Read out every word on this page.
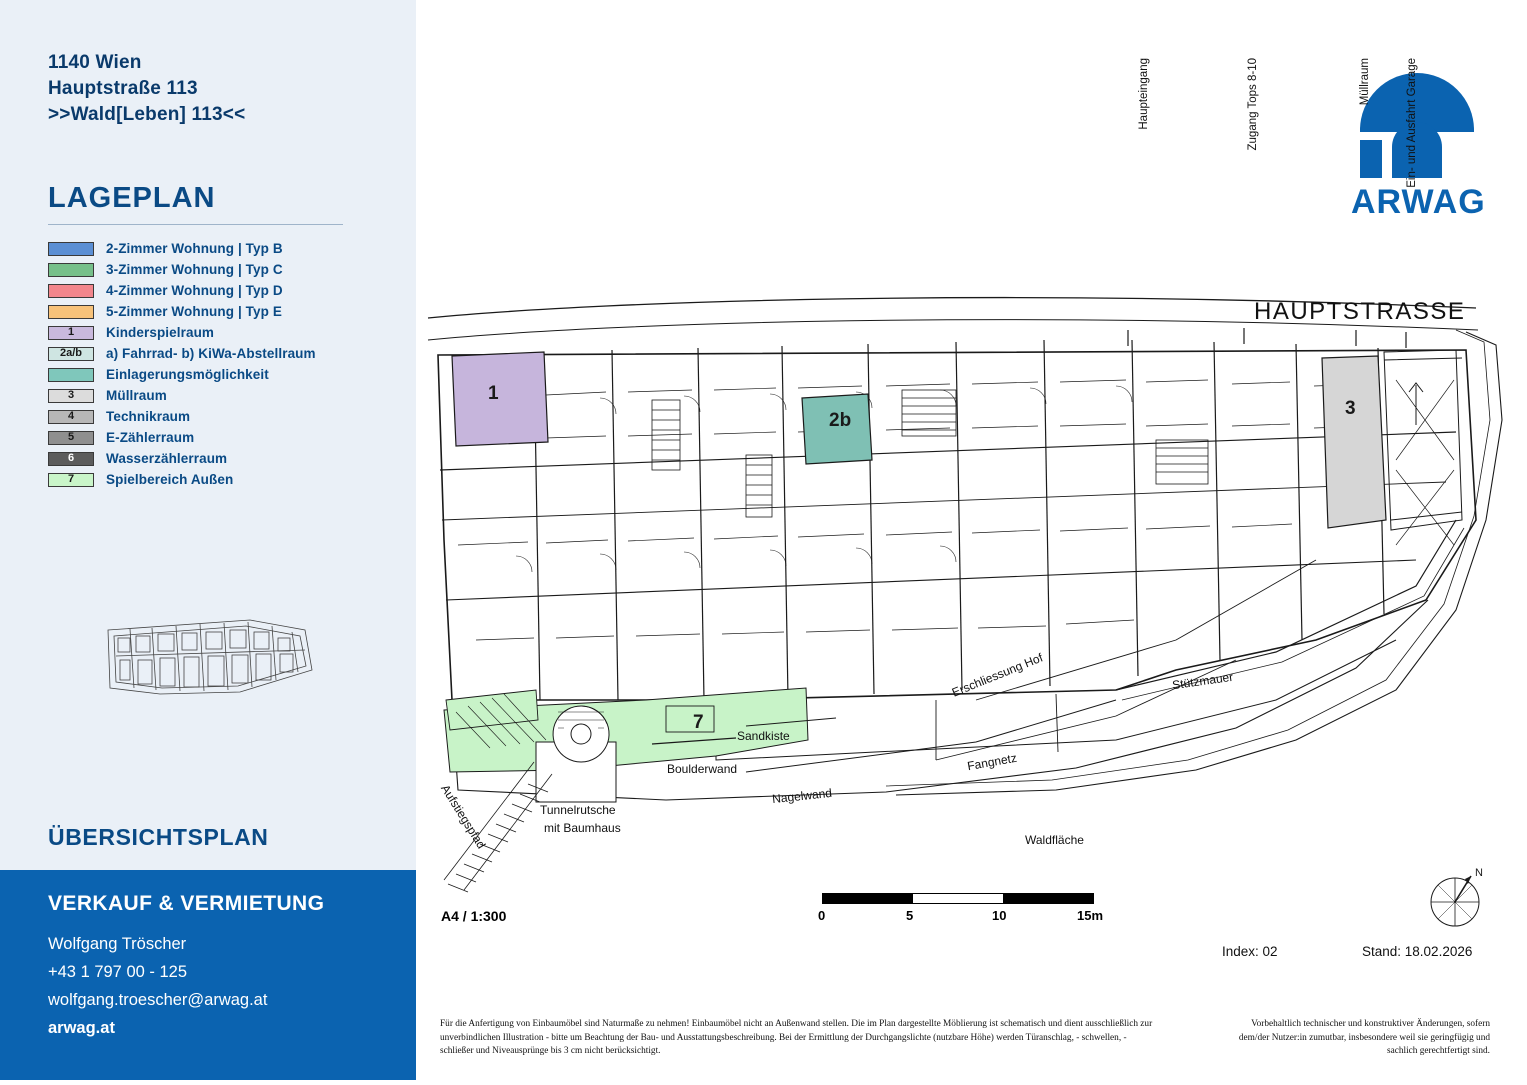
1140 Wien
Hauptstraße 113
>>Wald[Leben] 113<<
LAGEPLAN
2-Zimmer Wohnung | Typ B
3-Zimmer Wohnung | Typ C
4-Zimmer Wohnung | Typ D
5-Zimmer Wohnung | Typ E
1	Kinderspielraum
2a/b	a) Fahrrad- b) KiWa-Abstellraum
Einlagerungsmöglichkeit
3	Müllraum
4	Technikraum
5	E-Zählerraum
6	Wasserzählerraum
7	Spielbereich Außen
ÜBERSICHTSPLAN
VERKAUF & VERMIETUNG
Wolfgang Tröscher
+43 1 797 00 - 125
wolfgang.troescher@arwag.at
arwag.at
ARWAG
HAUPTSTRASSE
Haupteingang	Zugang Tops 8-10	Müllraum	Ein- und Ausfahrt Garage
Erschliessung Hof	Stützmauer
Fangnetz
Nagelwand
Sandkiste
Boulderwand
Waldfläche
Tunnelrutsche
mit Baumhaus
Aufstiegspfad
1
2b
3
7
A4 / 1:300	0	5	10	15m
Index: 02	Stand: 18.02.2026
N
Für die Anfertigung von Einbaumöbel sind Naturmaße zu nehmen! Einbaumöbel nicht an Außenwand stellen. Die im Plan dargestellte Möblierung ist schematisch und dient ausschließlich zur unverbindlichen Illustration - bitte um Beachtung der Bau- und Ausstattungsbeschreibung. Bei der Ermittlung der Durchgangslichte (nutzbare Höhe) werden Türanschlag, - schwellen, - schließer und Niveausprünge bis 3 cm nicht berücksichtigt.
Vorbehaltlich technischer und konstruktiver Änderungen, sofern dem/der Nutzer:in zumutbar, insbesondere weil sie geringfügig und sachlich gerechtfertigt sind.
